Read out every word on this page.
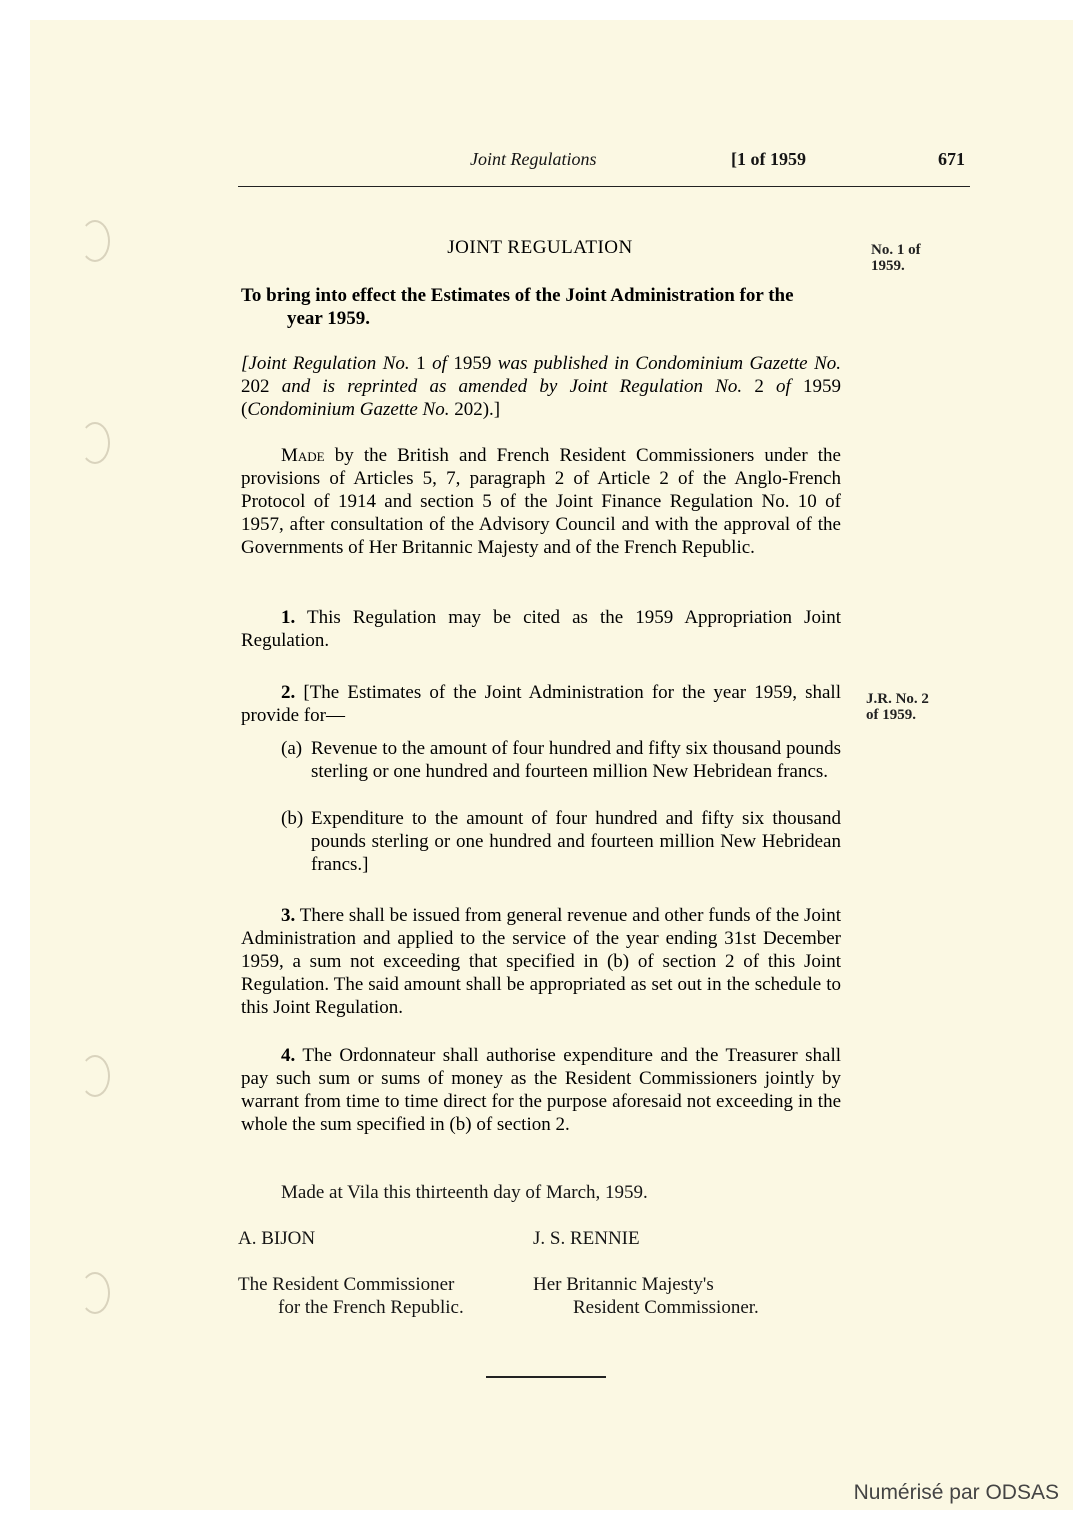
Joint Regulations	[1 of 1959	671
JOINT REGULATION	No. 1 of
1959.
To bring into effect the Estimates of the Joint Administration for the
year 1959.
[Joint Regulation No. 1 of 1959 was published in Condominium Gazette No. 202 and is reprinted as amended by Joint Regulation No. 2 of 1959 (Condominium Gazette No. 202).]
Made by the British and French Resident Commissioners under the provisions of Articles 5, 7, paragraph 2 of Article 2 of the Anglo-French Protocol of 1914 and section 5 of the Joint Finance Regulation No. 10 of 1957, after consultation of the Advisory Council and with the approval of the Governments of Her Britannic Majesty and of the French Republic.
1. This Regulation may be cited as the 1959 Appropriation Joint Regulation.
2. [The Estimates of the Joint Administration for the year 1959, shall provide for—
J.R. No. 2
of 1959.
(a) Revenue to the amount of four hundred and fifty six thousand pounds sterling or one hundred and fourteen million New Hebridean francs.
(b) Expenditure to the amount of four hundred and fifty six thousand pounds sterling or one hundred and fourteen million New Hebridean francs.]
3. There shall be issued from general revenue and other funds of the Joint Administration and applied to the service of the year ending 31st December 1959, a sum not exceeding that specified in (b) of section 2 of this Joint Regulation. The said amount shall be appropriated as set out in the schedule to this Joint Regulation.
4. The Ordonnateur shall authorise expenditure and the Treasurer shall pay such sum or sums of money as the Resident Commissioners jointly by warrant from time to time direct for the purpose aforesaid not exceeding in the whole the sum specified in (b) of section 2.
Made at Vila this thirteenth day of March, 1959.
A. BIJON	J. S. RENNIE
The Resident Commissioner
for the French Republic.
Her Britannic Majesty's
Resident Commissioner.
Numérisé par ODSAS
